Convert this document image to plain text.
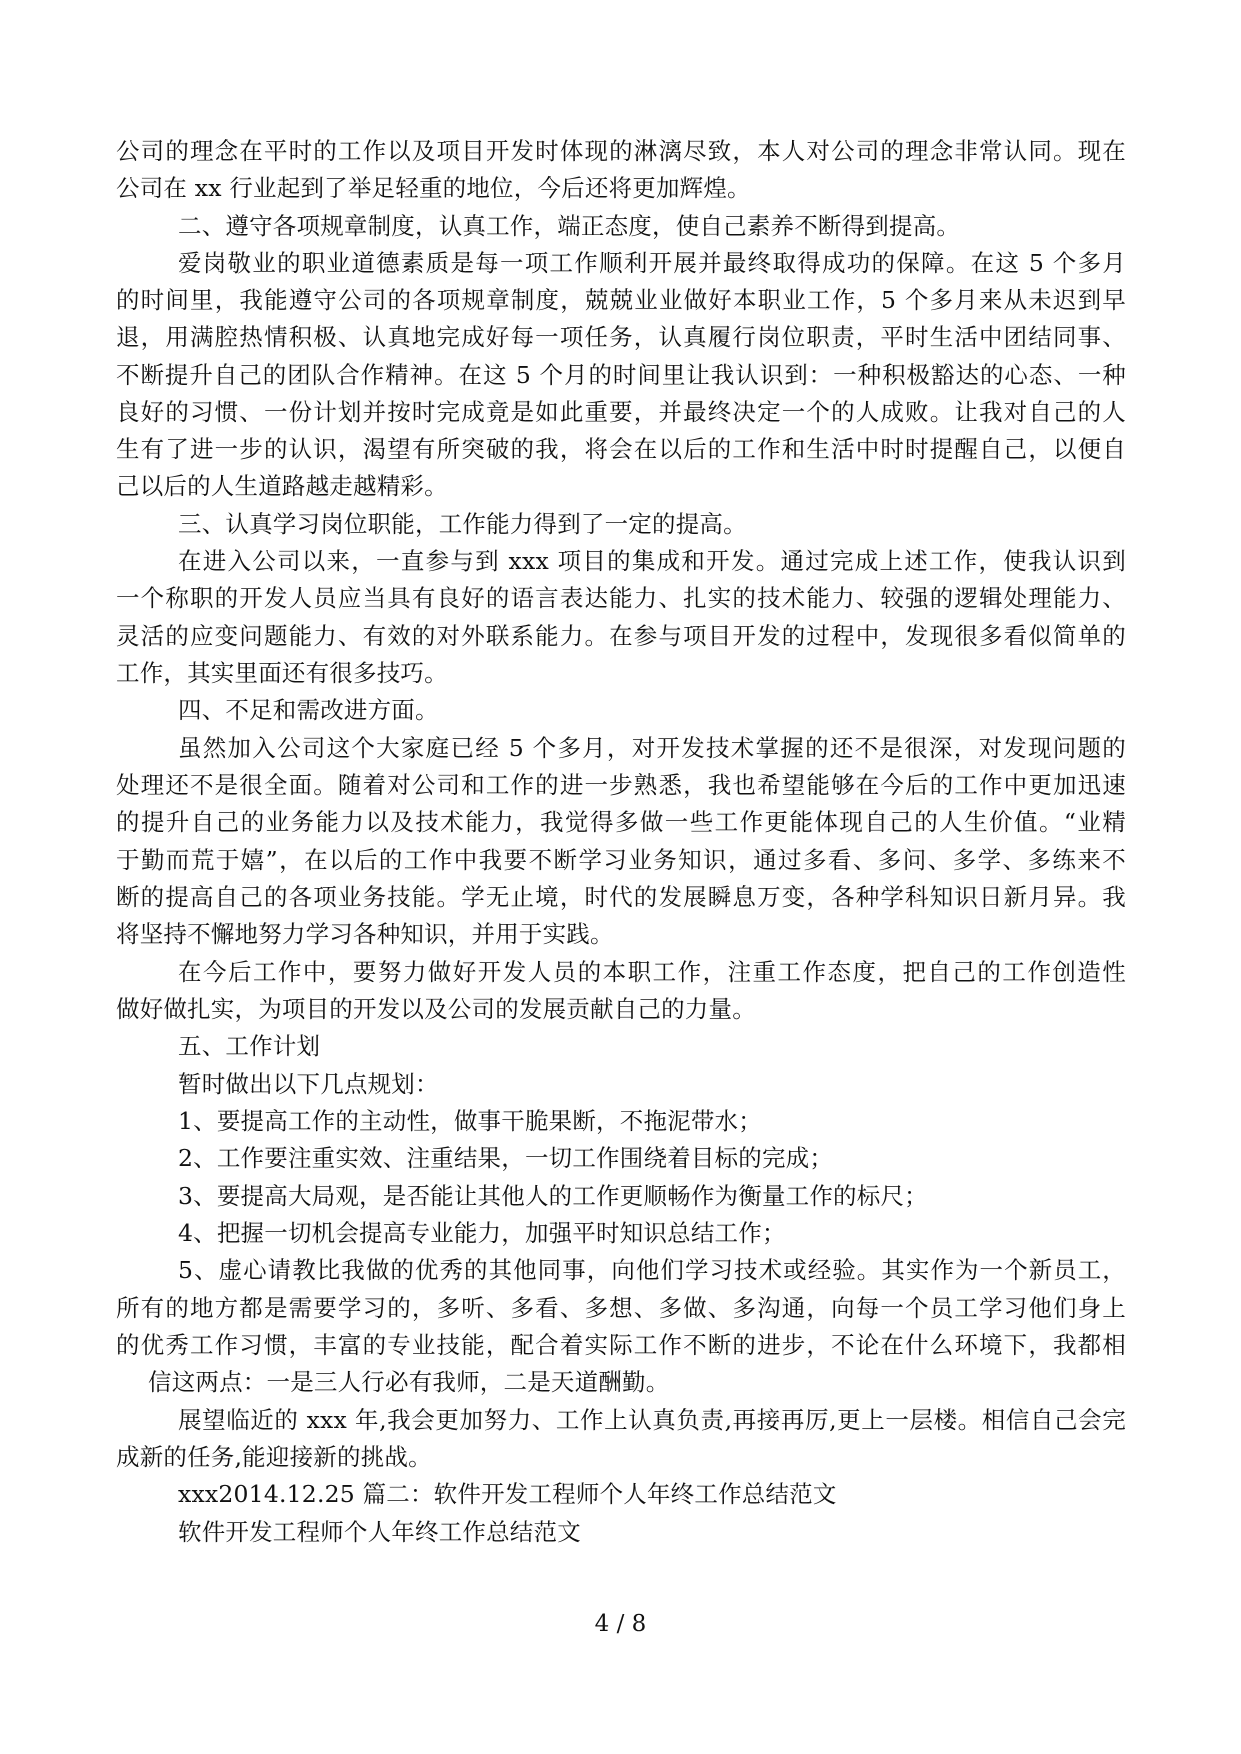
公司的理念在平时的工作以及项目开发时体现的淋漓尽致，本人对公司的理念非常认同。现在
公司在 xx 行业起到了举足轻重的地位，今后还将更加辉煌。
二、遵守各项规章制度，认真工作，端正态度，使自己素养不断得到提高。
爱岗敬业的职业道德素质是每一项工作顺利开展并最终取得成功的保障。在这 5 个多月
的时间里，我能遵守公司的各项规章制度，兢兢业业做好本职业工作，5 个多月来从未迟到早
退，用满腔热情积极、认真地完成好每一项任务，认真履行岗位职责，平时生活中团结同事、
不断提升自己的团队合作精神。在这 5 个月的时间里让我认识到：一种积极豁达的心态、一种
良好的习惯、一份计划并按时完成竟是如此重要，并最终决定一个的人成败。让我对自己的人
生有了进一步的认识，渴望有所突破的我，将会在以后的工作和生活中时时提醒自己，以便自
己以后的人生道路越走越精彩。
三、认真学习岗位职能，工作能力得到了一定的提高。
在进入公司以来，一直参与到 xxx 项目的集成和开发。通过完成上述工作，使我认识到
一个称职的开发人员应当具有良好的语言表达能力、扎实的技术能力、较强的逻辑处理能力、
灵活的应变问题能力、有效的对外联系能力。在参与项目开发的过程中，发现很多看似简单的
工作，其实里面还有很多技巧。
四、不足和需改进方面。
虽然加入公司这个大家庭已经 5 个多月，对开发技术掌握的还不是很深，对发现问题的
处理还不是很全面。随着对公司和工作的进一步熟悉，我也希望能够在今后的工作中更加迅速
的提升自己的业务能力以及技术能力，我觉得多做一些工作更能体现自己的人生价值。“业精
于勤而荒于嬉”，在以后的工作中我要不断学习业务知识，通过多看、多问、多学、多练来不
断的提高自己的各项业务技能。学无止境，时代的发展瞬息万变，各种学科知识日新月异。我
将坚持不懈地努力学习各种知识，并用于实践。
在今后工作中，要努力做好开发人员的本职工作，注重工作态度，把自己的工作创造性
做好做扎实，为项目的开发以及公司的发展贡献自己的力量。
五、工作计划
暂时做出以下几点规划：
1、要提高工作的主动性，做事干脆果断，不拖泥带水；
2、工作要注重实效、注重结果，一切工作围绕着目标的完成；
3、要提高大局观，是否能让其他人的工作更顺畅作为衡量工作的标尺；
4、把握一切机会提高专业能力，加强平时知识总结工作；
5、虚心请教比我做的优秀的其他同事，向他们学习技术或经验。其实作为一个新员工，
所有的地方都是需要学习的，多听、多看、多想、多做、多沟通，向每一个员工学习他们身上
的优秀工作习惯，丰富的专业技能，配合着实际工作不断的进步，不论在什么环境下，我都相
信这两点：一是三人行必有我师，二是天道酬勤。
展望临近的 xxx 年,我会更加努力、工作上认真负责,再接再厉,更上一层楼。相信自己会完
成新的任务,能迎接新的挑战。
xxx2014.12.25 篇二：软件开发工程师个人年终工作总结范文
软件开发工程师个人年终工作总结范文
4 / 8
